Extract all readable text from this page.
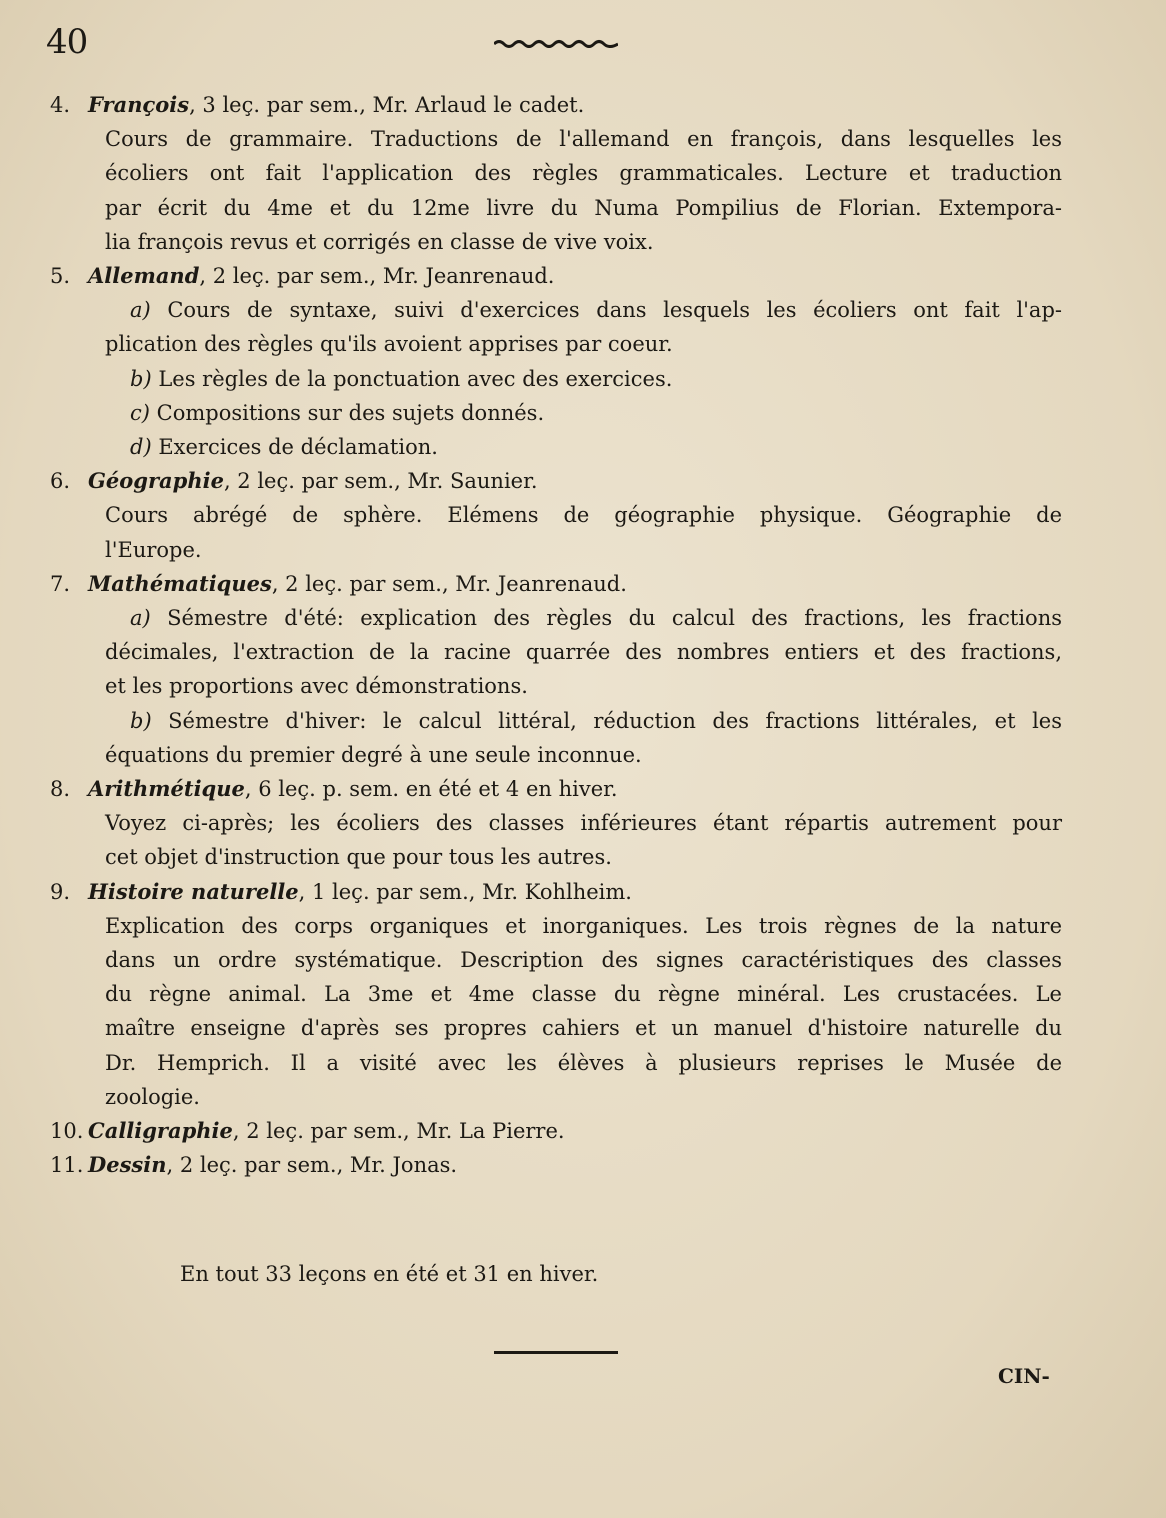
40
4. François, 3 leç. par sem., Mr. Arlaud le cadet.
Cours de grammaire. Traductions de l'allemand en françois, dans lesquelles les
écoliers ont fait l'application des règles grammaticales. Lecture et traduction
par écrit du 4me et du 12me livre du Numa Pompilius de Florian. Extempora-
lia françois revus et corrigés en classe de vive voix.
5. Allemand, 2 leç. par sem., Mr. Jeanrenaud.
a) Cours de syntaxe, suivi d'exercices dans lesquels les écoliers ont fait l'ap-
plication des règles qu'ils avoient apprises par coeur.
b) Les règles de la ponctuation avec des exercices.
c) Compositions sur des sujets donnés.
d) Exercices de déclamation.
6. Géographie, 2 leç. par sem., Mr. Saunier.
Cours abrégé de sphère. Elémens de géographie physique. Géographie de
l'Europe.
7. Mathématiques, 2 leç. par sem., Mr. Jeanrenaud.
a) Sémestre d'été: explication des règles du calcul des fractions, les fractions
décimales, l'extraction de la racine quarrée des nombres entiers et des fractions,
et les proportions avec démonstrations.
b) Sémestre d'hiver: le calcul littéral, réduction des fractions littérales, et les
équations du premier degré à une seule inconnue.
8. Arithmétique, 6 leç. p. sem. en été et 4 en hiver.
Voyez ci-après; les écoliers des classes inférieures étant répartis autrement pour
cet objet d'instruction que pour tous les autres.
9. Histoire naturelle, 1 leç. par sem., Mr. Kohlheim.
Explication des corps organiques et inorganiques. Les trois règnes de la nature
dans un ordre systématique. Description des signes caractéristiques des classes
du règne animal. La 3me et 4me classe du règne minéral. Les crustacées. Le
maître enseigne d'après ses propres cahiers et un manuel d'histoire naturelle du
Dr. Hemprich. Il a visité avec les élèves à plusieurs reprises le Musée de
zoologie.
10. Calligraphie, 2 leç. par sem., Mr. La Pierre.
11. Dessin, 2 leç. par sem., Mr. Jonas.
En tout 33 leçons en été et 31 en hiver.
CIN-
